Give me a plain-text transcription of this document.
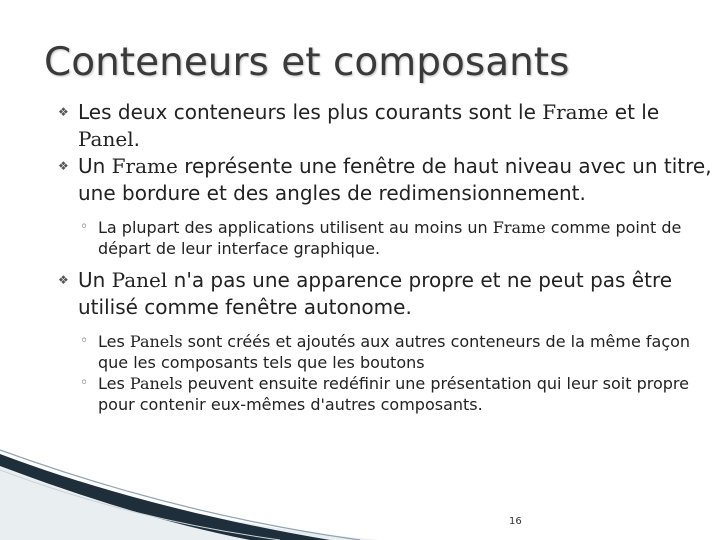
Conteneurs et composants
❖ Les deux conteneurs les plus courants sont le Frame et le Panel.
❖ Un Frame représente une fenêtre de haut niveau avec un titre, une bordure et des angles de redimensionnement.
◦ La plupart des applications utilisent au moins un Frame comme point de départ de leur interface graphique.
❖ Un Panel n'a pas une apparence propre et ne peut pas être utilisé comme fenêtre autonome.
◦ Les Panels sont créés et ajoutés aux autres conteneurs de la même façon que les composants tels que les boutons
◦ Les Panels peuvent ensuite redéfinir une présentation qui leur soit propre pour contenir eux-mêmes d'autres composants.
16
